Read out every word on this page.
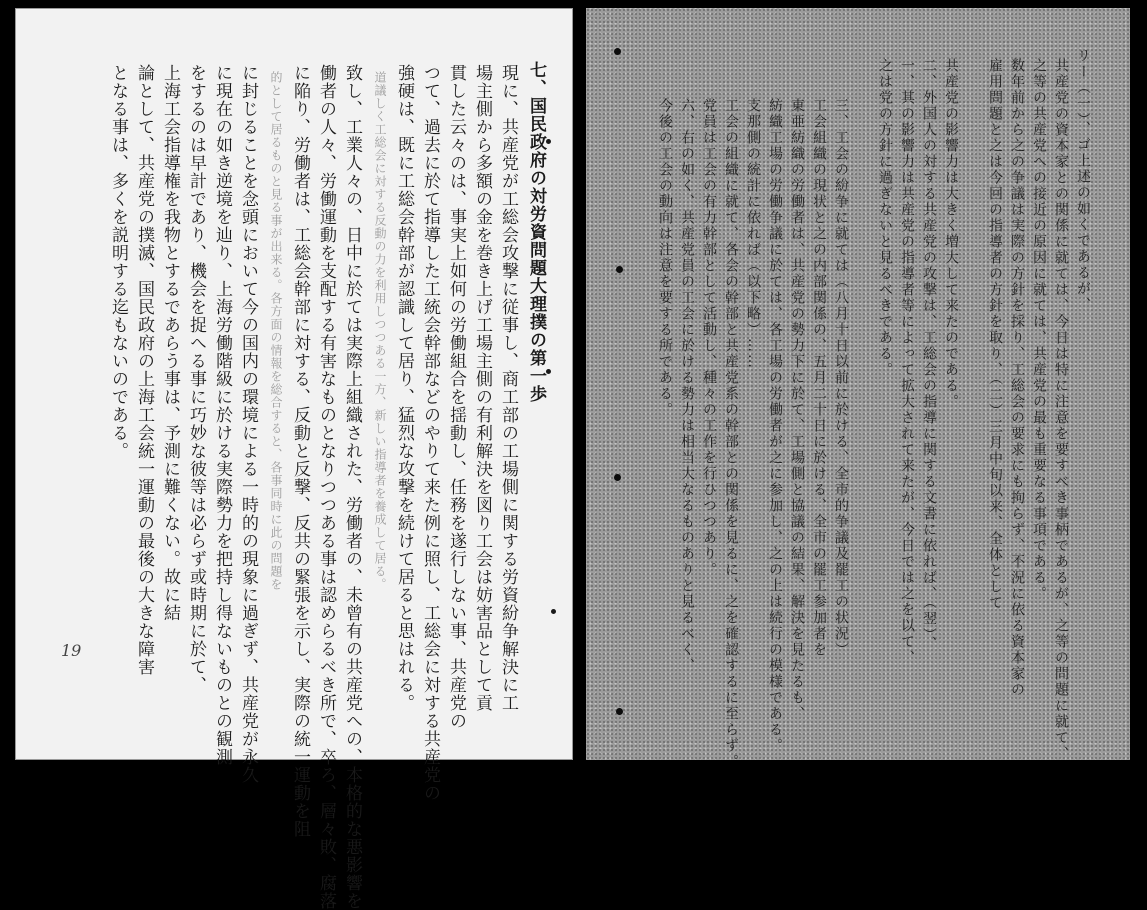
七、国民政府の対労資問題大理撲の第一歩
現に、共産党が工総会攻撃に従事し、商工部の工場側に関する労資紛争解決に工
場主側から多額の金を巻き上げ工場主側の有利解決を図り工会は妨害品として貢
貫した云々のは、事実上如何の労働組合を揺動し、任務を遂行しない事、共産党の
つて、過去に於て指導した工統会幹部などのやりて来た例に照し、工総会に対する共産党の
強硬は、既に工総会幹部が認識して居り、猛烈な攻撃を続けて居ると思はれる。
道議しく工総会に対する反動の力を利用しつつある一方、新しい指導者を養成して居る。
致し、工業人々の、日中に於ては実際上組織された、労働者の、未曾有の共産党への、本格的な悪影響を
働者の人々、労働運動を支配する有害なものとなりつつある事は認めらるべき所で、卒ろ、層々敗、腐落
に陥り、労働者は、工総会幹部に対する、反動と反撃、反共の緊張を示し、実際の統一運動を阻
的として居るものと見る事が出来る。各方面の情報を総合すると、各事同時に此の問題を
に封じることを念頭において今の国内の環境による一時的の現象に過ぎず、共産党が永久
に現在の如き逆境を辿り、上海労働階級に於ける実際勢力を把持し得ないものとの観測
をするのは早計であり、機会を捉へる事に巧妙な彼等は必らず或時期に於て、
上海工会指導権を我物とするであらう事は、予測に難くない。故に結
論として、共産党の撲滅、国民政府の上海工会統一運動の最後の大きな障害
となる事は、多くを説明する迄もないのである。
19
リー（一）、ゴ上述の如くであるが、
共産党の資本家との関係に就ては、今日は特に注意を要すべき事柄であるが、之等の問題に就て、
之等の共産党への接近の原因に就ては、共産党の最も重要なる事項である。
数年前から之の争議は実際の方針を採り、工総会の要求にも拘らず、不況に依る資本家の
雇用問題と之は今回の指導者の方針を取り、（二）三月中旬以来、全体として
共産党の影響力は大きく増大して来たのである。
二、外国人の対する共産党の攻撃は、工総会の指導に関する文書に依れば、（翌）、
一、其の影響力は共産党の指導者等によって拡大されて来たが、今日では之を以て、
之は党の方針に過ぎないと見るべきである。
三、工会の紛争に就ては（八月十日以前に於ける、全市的争議及罷工の状況）
工会組織の現状と之の内部関係の、五月二十日に於ける、全市の罷工参加者を
東亜紡織の労働者は、共産党の勢力下に於て、工場側と協議の結果、解決を見たるも、
紡織工場の労働争議に於ては、各工場の労働者が之に参加し、之の上は続行の模様である。
支那側の統計に依れば（以下略）……
工会の組織に就て、各会の幹部と共産党系の幹部との関係を見るに、之を確認するに至らず。
党員は工会の有力幹部として活動し、種々の工作を行ひつつあり。
六、右の如く、共産党員の工会に於ける勢力は相当大なるものありと見るべく、
今後の工会の動向は注意を要する所である。
